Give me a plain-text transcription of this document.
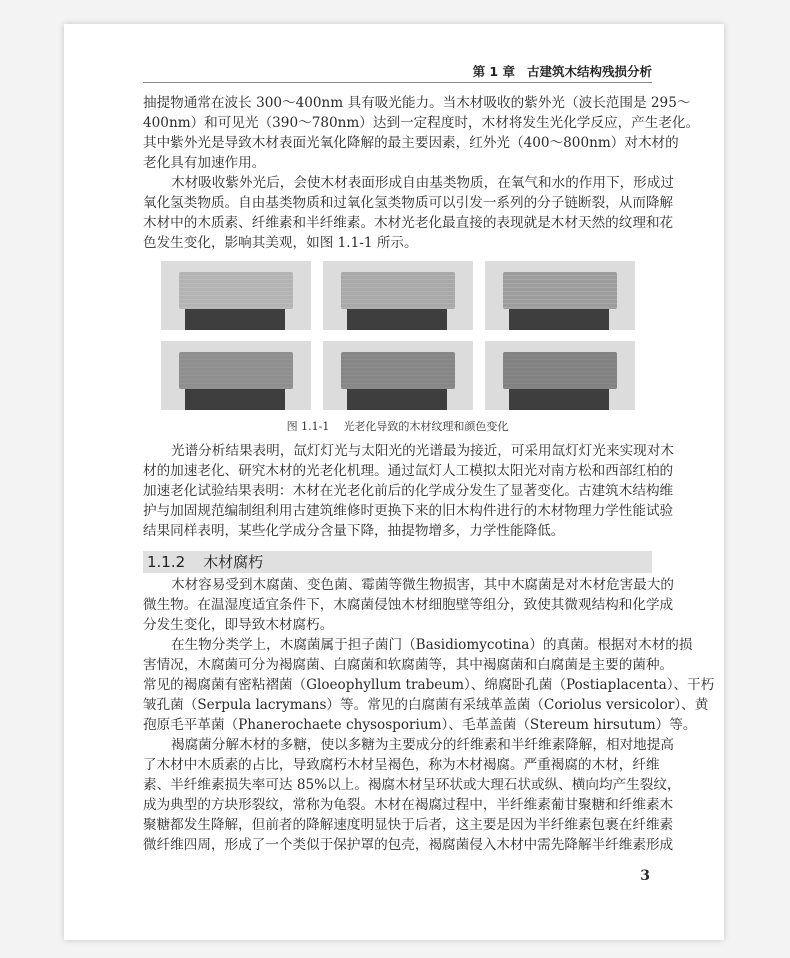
第 1 章 古建筑木结构残损分析
抽提物通常在波长 300～400nm 具有吸光能力。当木材吸收的紫外光（波长范围是 295～
400nm）和可见光（390～780nm）达到一定程度时，木材将发生光化学反应，产生老化。
其中紫外光是导致木材表面光氧化降解的最主要因素，红外光（400～800nm）对木材的
老化具有加速作用。
木材吸收紫外光后，会使木材表面形成自由基类物质，在氧气和水的作用下，形成过
氧化氢类物质。自由基类物质和过氧化氢类物质可以引发一系列的分子链断裂，从而降解
木材中的木质素、纤维素和半纤维素。木材光老化最直接的表现就是木材天然的纹理和花
色发生变化，影响其美观，如图 1.1-1 所示。
图 1.1-1 光老化导致的木材纹理和颜色变化
光谱分析结果表明，氙灯灯光与太阳光的光谱最为接近，可采用氙灯灯光来实现对木
材的加速老化、研究木材的光老化机理。通过氙灯人工模拟太阳光对南方松和西部红柏的
加速老化试验结果表明：木材在光老化前后的化学成分发生了显著变化。古建筑木结构维
护与加固规范编制组利用古建筑维修时更换下来的旧木构件进行的木材物理力学性能试验
结果同样表明，某些化学成分含量下降，抽提物增多，力学性能降低。
1.1.2 木材腐朽
木材容易受到木腐菌、变色菌、霉菌等微生物损害，其中木腐菌是对木材危害最大的
微生物。在温湿度适宜条件下，木腐菌侵蚀木材细胞壁等组分，致使其微观结构和化学成
分发生变化，即导致木材腐朽。
在生物分类学上，木腐菌属于担子菌门（Basidiomycotina）的真菌。根据对木材的损
害情况，木腐菌可分为褐腐菌、白腐菌和软腐菌等，其中褐腐菌和白腐菌是主要的菌种。
常见的褐腐菌有密粘褶菌（Gloeophyllum trabeum）、绵腐卧孔菌（Postiaplacenta）、干朽
皱孔菌（Serpula lacrymans）等。常见的白腐菌有采绒革盖菌（Coriolus versicolor）、黄
孢原毛平革菌（Phanerochaete chysosporium）、毛革盖菌（Stereum hirsutum）等。
褐腐菌分解木材的多糖，使以多糖为主要成分的纤维素和半纤维素降解，相对地提高
了木材中木质素的占比，导致腐朽木材呈褐色，称为木材褐腐。严重褐腐的木材，纤维
素、半纤维素损失率可达 85%以上。褐腐木材呈环状或大理石状或纵、横向均产生裂纹，
成为典型的方块形裂纹，常称为龟裂。木材在褐腐过程中，半纤维素葡甘聚糖和纤维素木
聚糖都发生降解，但前者的降解速度明显快于后者，这主要是因为半纤维素包裹在纤维素
微纤维四周，形成了一个类似于保护罩的包壳，褐腐菌侵入木材中需先降解半纤维素形成
3
